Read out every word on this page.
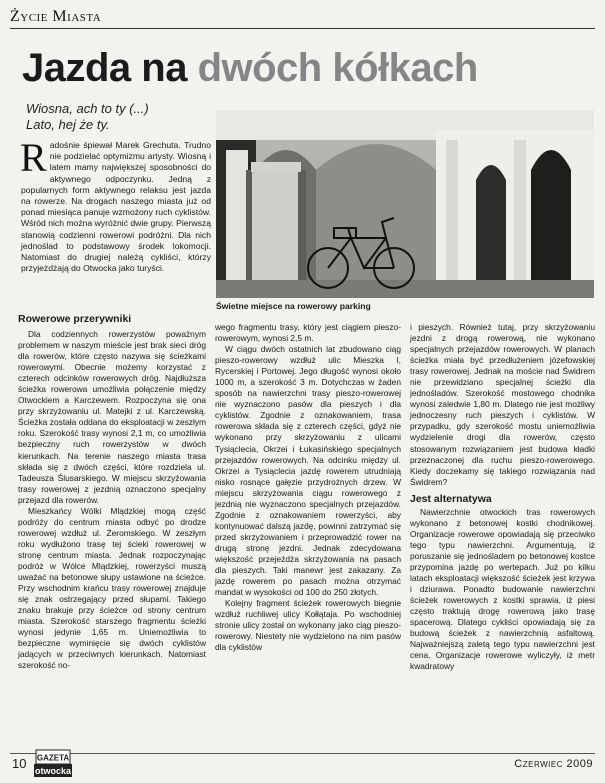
Życie Miasta
Jazda na dwóch kółkach
Wiosna, ach to ty (...)
Lato, hej że ty.
Radośnie śpiewał Marek Grechuta. Trudno nie podzielać optymizmu artysty. Wiosną i latem mamy największej sposobności do aktywnego odpoczynku. Jedną z popularnych form aktywnego relaksu jest jazda na rowerze. Na drogach naszego miasta już od ponad miesiąca panuje wzmożony ruch cyklistów. Wśród nich można wyróżnić dwie grupy. Pierwszą stanowią codzienni rowerowi podróżni. Dla nich jednoślad to podstawowy środek lokomocji. Natomiast do drugiej należą cykliści, którzy przyjeżdżają do Otwocka jako turyści.
Świetne miejsce na rowerowy parking
Rowerowe przerywniki

Dla codziennych rowerzystów poważnym problemem w naszym mieście jest brak sieci dróg dla rowerów, które często nazywa się ścieżkami rowerowymi. Obecnie możemy korzystać z czterech odcinków rowerowych dróg. Najdłuższa ścieżka rowerowa umożliwia połączenie między Otwockiem a Karczewem. Rozpoczyna się ona przy skrzyżowaniu ul. Matejki z ul. Karczewską. Ścieżka została oddana do eksploatacji w zeszłym roku. Szerokość trasy wynosi 2,1 m, co umożliwia bezpieczny ruch rowerzystów w dwóch kierunkach. Na terenie naszego miasta trasa składa się z dwóch części, które rozdziela ul. Tadeusza Ślusarskiego. W miejscu skrzyżowania trasy rowerowej z jezdnią oznaczono specjalny przejazd dla rowerów.

Mieszkańcy Wólki Mlądzkiej mogą część podróży do centrum miasta odbyć po drodze rowerowej wzdłuż ul. Żeromskiego. W zeszłym roku wydłużono trasę tej ścieki rowerowej w stronę centrum miasta. Jednak rozpoczynając podróż w Wólce Mlądzkiej, rowerzyści muszą uważać na betonowe słupy ustawione na ścieżce. Przy wschodnim krańcu trasy rowerowej znajduje się znak ostrzegający przed słupami. Takiego znaku brakuje przy ścieżce od strony centrum miasta. Szerokość starszego fragmentu ścieżki wynosi jedynie 1,65 m. Uniemożliwia to bezpieczne wyminięcie się dwóch cyklistów jadących w przeciwnych kierunkach. Natomiast szerokość no-

wego fragmentu trasy, który jest ciągiem pieszo-rowerowym, wynosi 2,5 m.

W ciągu dwóch ostatnich lat zbudowano ciąg pieszo-rowerowy wzdłuż ulic Mieszka I, Rycerskiej i Portowej. Jego długość wynosi około 1000 m, a szerokość 3 m. Dotychczas w żaden sposób na nawierzchni trasy pieszo-rowerowej nie wyznaczono pasów dla pieszych i dla cyklistów. Zgodnie z oznakowaniem, trasa rowerowa składa się z czterech części, gdyż nie wykonano przy skrzyżowaniu z ulicami Tysiąclecia, Okrzei i Łukasińskiego specjalnych przejazdów rowerowych. Na odcinku między ul. Okrzei a Tysiąclecia jazdę rowerem utrudniają nisko rosnące gałęzie przydrożnych drzew. W miejscu skrzyżowania ciągu rowerowego z jezdnią nie wyznaczono specjalnych przejazdów. Zgodnie z oznakowaniem rowerzyści, aby kontynuować dalszą jazdę, powinni zatrzymać się przed skrzyżowaniem i przeprowadzić rower na drugą stronę jezdni. Jednak zdecydowana większość przejeżdża skrzyżowania na pasach dla pieszych. Taki manewr jest zakazany. Za jazdę rowerem po pasach można otrzymać mandat w wysokości od 100 do 250 złotych.

Kolejny fragment ścieżek rowerowych biegnie wzdłuż ruchliwej ulicy Kołłątaja. Po wschodniej stronie ulicy został on wykonany jako ciąg pieszo-rowerowy. Niestety nie wydzielono na nim pasów dla cyklistów

i pieszych. Również tutaj, przy skrzyżowaniu jezdni z drogą rowerową, nie wykonano specjalnych przejazdów rowerowych. W planach ścieżka miała być przedłużeniem józefowskiej trasy rowerowej. Jednak na moście nad Świdrem nie przewidziano specjalnej ścieżki dla jednośladów. Szerokość mostowego chodnika wynosi zaledwie 1,80 m. Dlatego nie jest możliwy jednoczesny ruch pieszych i cyklistów. W przypadku, gdy szerokość mostu uniemożliwia wydzielenie drogi dla rowerów, często stosowanym rozwiązaniem jest budowa kładki przeznaczonej dla ruchu pieszo-rowerowego. Kiedy doczekamy się takiego rozwiązania nad Świdrem?

Jest alternatywa

Nawierzchnie otwockich tras rowerowych wykonano z betonowej kostki chodnikowej. Organizacje rowerowe opowiadają się przeciwko tego typu nawierzchni. Argumentują, iż poruszanie się jednośladem po betonowej kostce przypomina jazdę po wertepach. Już po kilku latach eksploatacji większość ścieżek jest krzywa i dziurawa. Ponadto budowanie nawierzchni ścieżek rowerowych z kostki sprawia, iż piesi często traktują drogę rowerową jako trasę spacerową. Dlatego cykliści opowiadają się za budową ścieżek z nawierzchnią asfaltową. Najważniejszą zaletą tego typu nawierzchni jest cena. Organizacje rowerowe wyliczyły, iż metr kwadratowy

10 GAZETA
otwocka
Czerwiec 2009
